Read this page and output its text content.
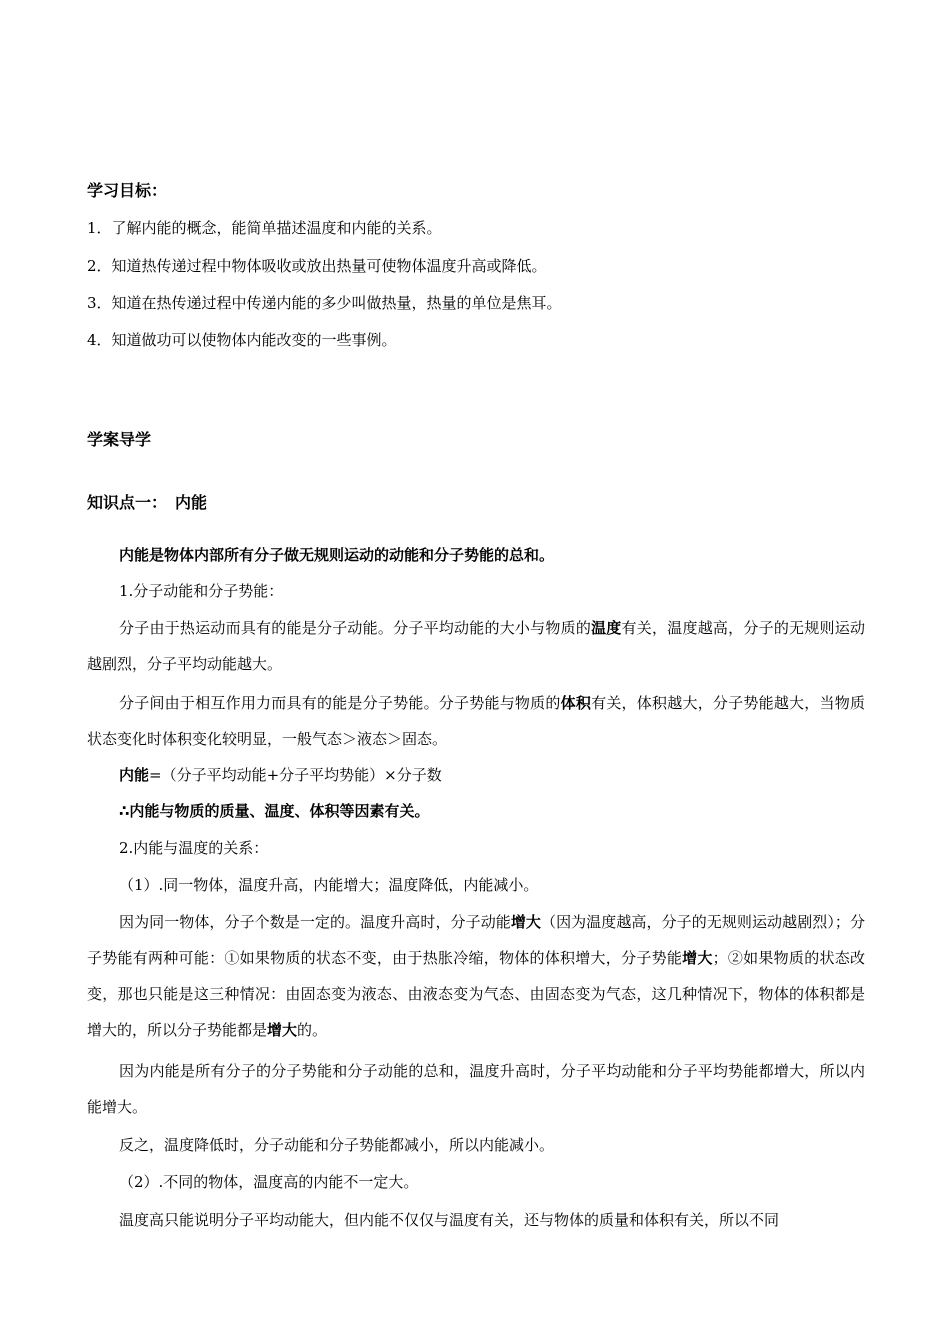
学习目标：
1．了解内能的概念，能简单描述温度和内能的关系。
2．知道热传递过程中物体吸收或放出热量可使物体温度升高或降低。
3．知道在热传递过程中传递内能的多少叫做热量，热量的单位是焦耳。
4．知道做功可以使物体内能改变的一些事例。
学案导学
知识点一：　内能
内能是物体内部所有分子做无规则运动的动能和分子势能的总和。
1.分子动能和分子势能：
分子由于热运动而具有的能是分子动能。分子平均动能的大小与物质的温度有关，温度越高，分子的无规则运动越剧烈，分子平均动能越大。
分子间由于相互作用力而具有的能是分子势能。分子势能与物质的体积有关，体积越大，分子势能越大，当物质状态变化时体积变化较明显，一般气态＞液态＞固态。
内能=（分子平均动能+分子平均势能）×分子数
∴内能与物质的质量、温度、体积等因素有关。
2.内能与温度的关系：
（1）.同一物体，温度升高，内能增大；温度降低，内能减小。
因为同一物体，分子个数是一定的。温度升高时，分子动能增大（因为温度越高，分子的无规则运动越剧烈）；分子势能有两种可能：①如果物质的状态不变，由于热胀冷缩，物体的体积增大，分子势能增大；②如果物质的状态改变，那也只能是这三种情况：由固态变为液态、由液态变为气态、由固态变为气态，这几种情况下，物体的体积都是增大的，所以分子势能都是增大的。
因为内能是所有分子的分子势能和分子动能的总和，温度升高时，分子平均动能和分子平均势能都增大，所以内能增大。
反之，温度降低时，分子动能和分子势能都减小，所以内能减小。
（2）.不同的物体，温度高的内能不一定大。
温度高只能说明分子平均动能大，但内能不仅仅与温度有关，还与物体的质量和体积有关，所以不同
